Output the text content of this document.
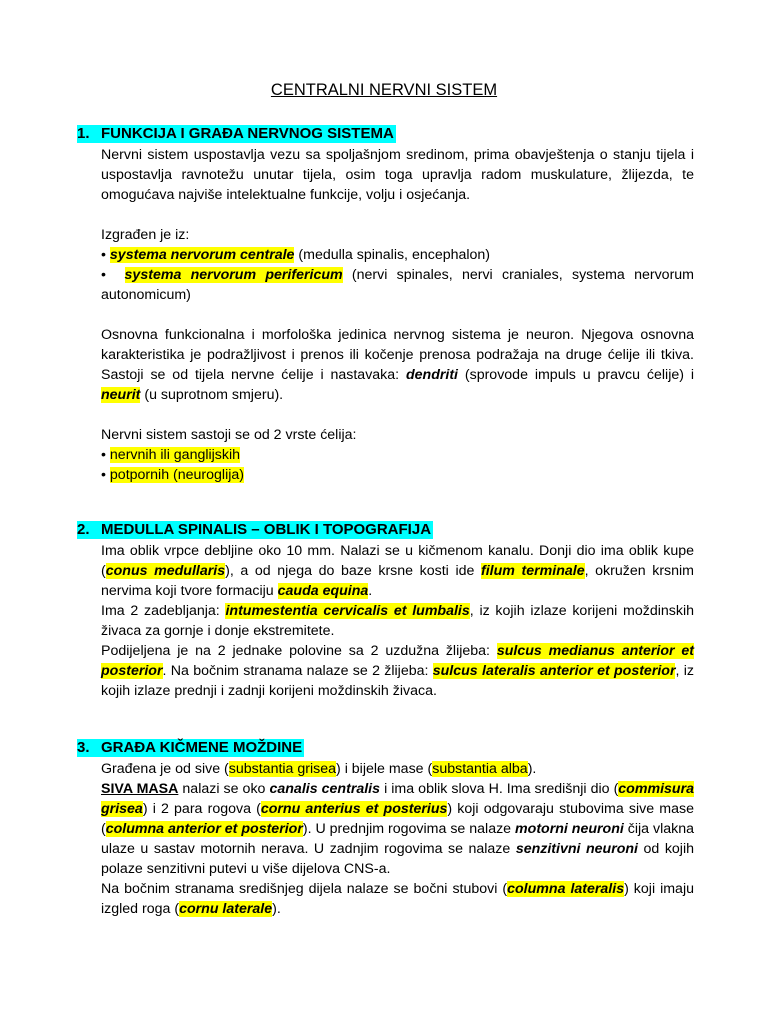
CENTRALNI NERVNI SISTEM
1. FUNKCIJA I GRAĐA NERVNOG SISTEMA

Nervni sistem uspostavlja vezu sa spoljašnjom sredinom, prima obavještenja o stanju tijela i uspostavlja ravnotežu unutar tijela, osim toga upravlja radom muskulature, žlijezda, te omogućava najviše intelektualne funkcije, volju i osjećanja.

Izgrađen je iz:

• systema nervorum centrale (medulla spinalis, encephalon)

•  systema nervorum perifericum (nervi spinales, nervi craniales, systema nervorum autonomicum)

Osnovna funkcionalna i morfološka jedinica nervnog sistema je neuron. Njegova osnovna karakteristika je podražljivost i prenos ili kočenje prenosa podražaja na druge ćelije ili tkiva. Sastoji se od tijela nervne ćelije i nastavaka: dendriti (sprovode impuls u pravcu ćelije) i neurit (u suprotnom smjeru).

Nervni sistem sastoji se od 2 vrste ćelija:

• nervnih ili ganglijskih

• potpornih (neuroglija)

2. MEDULLA SPINALIS – OBLIK I TOPOGRAFIJA

Ima oblik vrpce debljine oko 10 mm. Nalazi se u kičmenom kanalu. Donji dio ima oblik kupe (conus medullaris), a od njega do baze krsne kosti ide filum terminale, okružen krsnim nervima koji tvore formaciju cauda equina.

Ima 2 zadebljanja: intumestentia cervicalis et lumbalis, iz kojih izlaze korijeni moždinskih živaca za gornje i donje ekstremitete.

Podijeljena je na 2 jednake polovine sa 2 uzdužna žlijeba: sulcus medianus anterior et posterior. Na bočnim stranama nalaze se 2 žlijeba: sulcus lateralis anterior et posterior, iz kojih izlaze prednji i zadnji korijeni moždinskih živaca.

3. GRAĐA KIČMENE MOŽDINE

Građena je od sive (substantia grisea) i bijele mase (substantia alba).

SIVA MASA nalazi se oko canalis centralis i ima oblik slova H. Ima središnji dio (commisura grisea) i 2 para rogova (cornu anterius et posterius) koji odgovaraju stubovima sive mase (columna anterior et posterior). U prednjim rogovima se nalaze motorni neuroni čija vlakna ulaze u sastav motornih nerava. U zadnjim rogovima se nalaze senzitivni neuroni od kojih polaze senzitivni putevi u više dijelova CNS-a.

Na bočnim stranama središnjeg dijela nalaze se bočni stubovi (columna lateralis) koji imaju izgled roga (cornu laterale).
